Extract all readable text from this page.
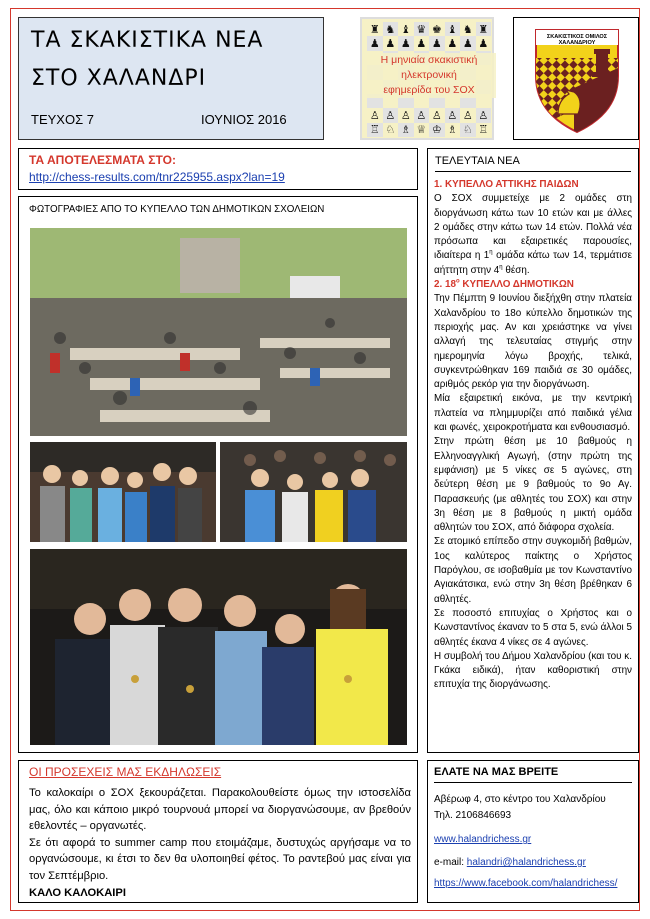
ΤΑ ΣΚΑΚΙΣΤΙΚΑ ΝΕΑ
ΣΤΟ ΧΑΛΑΝΔΡΙ
ΤΕΥΧΟΣ 7	ΙΟΥΝΙΟΣ 2016
♜ ♞ ♝ ♛ ♚ ♝ ♞ ♜
♟ ♟ ♟ ♟ ♟ ♟ ♟ ♟
♙ ♙ ♙ ♙ ♙ ♙ ♙ ♙
♖ ♘ ♗ ♕ ♔ ♗ ♘ ♖
Η μηνιαία σκακιστική
ηλεκτρονική
εφημερίδα του ΣΟΧ
ΣΚΑΚΙΣΤΙΚΟΣ ΟΜΙΛΟΣ
ΧΑΛΑΝΔΡΙΟΥ
ΤΑ ΑΠΟΤΕΛΕΣΜΑΤΑ ΣΤΟ:
http://chess-results.com/tnr225955.aspx?lan=19
ΦΩΤΟΓΡΑΦΙΕΣ ΑΠΟ ΤΟ ΚΥΠΕΛΛΟ ΤΩΝ ΔΗΜΟΤΙΚΩΝ ΣΧΟΛΕΙΩΝ
ΤΕΛΕΥΤΑΙΑ ΝΕΑ

1. ΚΥΠΕΛΛΟ ΑΤΤΙΚΗΣ ΠΑΙΔΩΝ

Ο ΣΟΧ συμμετείχε με 2 ομάδες στη διοργάνωση κάτω των 10 ετών και με άλλες 2 ομάδες στην κάτω των 14 ετών. Πολλά νέα πρόσωπα και εξαιρετικές παρουσίες, ιδιαίτερα η $1^\eta$ ομάδα κάτω των 14, τερμάτισε αήττητη στην $4^\eta$ θέση.

2. $18^o$ ΚΥΠΕΛΛΟ ΔΗΜΟΤΙΚΩΝ

Την Πέμπτη 9 Ιουνίου διεξήχθη στην πλατεία Χαλανδρίου το 18ο κύπελλο δημοτικών της περιοχής μας. Αν και χρειάστηκε να γίνει αλλαγή της τελευταίας στιγμής στην ημερομηνία λόγω βροχής, τελικά, συγκεντρώθηκαν 169 παιδιά σε 30 ομάδες, αριθμός ρεκόρ για την διοργάνωση.

Μία εξαιρετική εικόνα, με την κεντρική πλατεία να πλημμυρίζει από παιδικά γέλια και φωνές, χειροκροτήματα και ενθουσιασμό.

Στην πρώτη θέση με 10 βαθμούς η Ελληνοαγγλική Αγωγή, (στην πρώτη της εμφάνιση) με 5 νίκες σε 5 αγώνες, στη δεύτερη θέση με 9 βαθμούς το 9ο Αγ. Παρασκευής (με αθλητές του ΣΟΧ) και στην 3η θέση με 8 βαθμούς η μικτή ομάδα αθλητών του ΣΟΧ, από διάφορα σχολεία.

Σε ατομικό επίπεδο στην συγκομιδή βαθμών, 1ος καλύτερος παίκτης ο Χρήστος Παρόγλου, σε ισοβαθμία με τον Κωνσταντίνο Αγιακάτσικα, ενώ στην 3η θέση βρέθηκαν 6 αθλητές.

Σε ποσοστό επιτυχίας ο Χρήστος και ο Κωνσταντίνος έκαναν το 5 στα 5, ενώ άλλοι 5 αθλητές έκανα 4 νίκες σε 4 αγώνες.

Η συμβολή του Δήμου Χαλανδρίου (και του κ. Γκάκα ειδικά), ήταν καθοριστική στην επιτυχία της διοργάνωσης.

ΟΙ ΠΡΟΣΕΧΕΙΣ ΜΑΣ ΕΚΔΗΛΩΣΕΙΣ

Το καλοκαίρι ο ΣΟΧ ξεκουράζεται. Παρακολουθείστε όμως την ιστοσελίδα μας, όλο και κάποιο μικρό τουρνουά μπορεί να διοργανώσουμε, αν βρεθούν εθελοντές – οργανωτές.

Σε ότι αφορά το summer camp που ετοιμάζαμε, δυστυχώς αργήσαμε να το οργανώσουμε, κι έτσι το δεν θα υλοποιηθεί φέτος. Το ραντεβού μας είναι για τον Σεπτέμβριο.

ΚΑΛΟ ΚΑΛΟΚΑΙΡΙ

ΕΛΑΤΕ ΝΑ ΜΑΣ ΒΡΕΙΤΕ
Αβέρωφ 4, στο κέντρο του Χαλανδρίου
Τηλ. 2106846693
www.halandrichess.gr
e-mail: halandri@halandrichess.gr
https://www.facebook.com/halandrichess/
